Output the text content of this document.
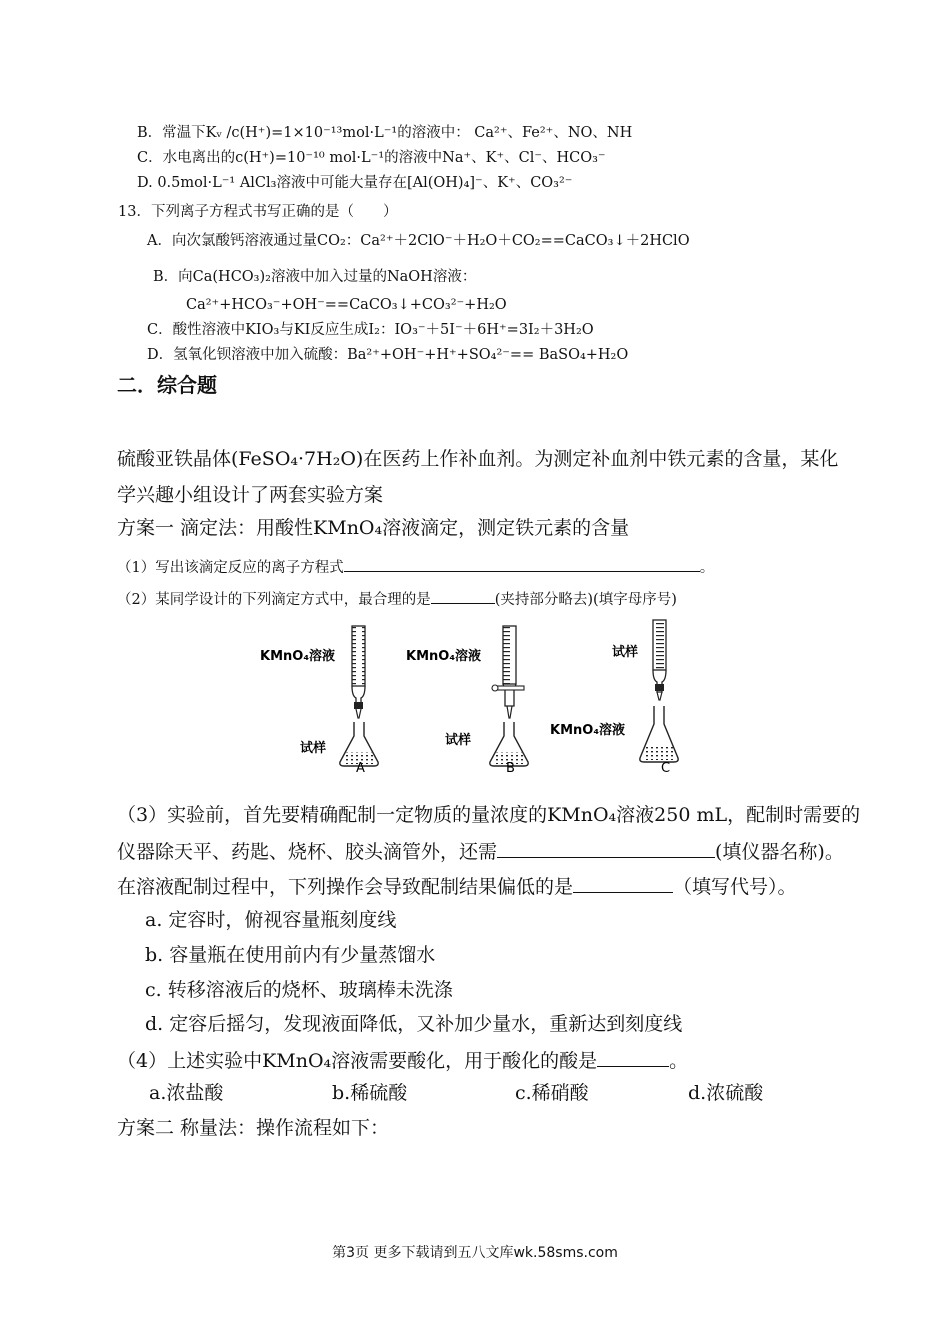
B．常温下Kᵥ /c(H⁺)=1×10⁻¹³mol·L⁻¹的溶液中： Ca²⁺、Fe²⁺、NO、NH
C．水电离出的c(H⁺)=10⁻¹⁰ mol·L⁻¹的溶液中Na⁺、K⁺、Cl⁻、HCO₃⁻
D. 0.5mol·L⁻¹ AlCl₃溶液中可能大量存在[Al(OH)₄]⁻、K⁺、CO₃²⁻
13．下列离子方程式书写正确的是（　　）
A．向次氯酸钙溶液通过量CO₂：Ca²⁺＋2ClO⁻＋H₂O＋CO₂==CaCO₃↓＋2HClO
B．向Ca(HCO₃)₂溶液中加入过量的NaOH溶液：
Ca²⁺+HCO₃⁻+OH⁻==CaCO₃↓+CO₃²⁻+H₂O
C．酸性溶液中KIO₃与KI反应生成I₂：IO₃⁻＋5I⁻＋6H⁺=3I₂＋3H₂O
D．氢氧化钡溶液中加入硫酸：Ba²⁺+OH⁻+H⁺+SO₄²⁻== BaSO₄+H₂O
二．综合题
硫酸亚铁晶体(FeSO₄·7H₂O)在医药上作补血剂。为测定补血剂中铁元素的含量，某化
学兴趣小组设计了两套实验方案
方案一 滴定法：用酸性KMnO₄溶液滴定，测定铁元素的含量
（1）写出该滴定反应的离子方程式	。
（2）某同学设计的下列滴定方式中，最合理的是	(夹持部分略去)(填字母序号)
KMnO₄溶液
试样
A
KMnO₄溶液
试样
B
试样
KMnO₄溶液
C
（3）实验前，首先要精确配制一定物质的量浓度的KMnO₄溶液250 mL，配制时需要的
仪器除天平、药匙、烧杯、胶头滴管外，还需	(填仪器名称)。
在溶液配制过程中，下列操作会导致配制结果偏低的是	（填写代号）。
a. 定容时，俯视容量瓶刻度线
b. 容量瓶在使用前内有少量蒸馏水
c. 转移溶液后的烧杯、玻璃棒未洗涤
d. 定容后摇匀，发现液面降低，又补加少量水，重新达到刻度线
（4）上述实验中KMnO₄溶液需要酸化，用于酸化的酸是	。
a.浓盐酸	b.稀硫酸	c.稀硝酸	d.浓硫酸
方案二 称量法：操作流程如下：
第3页 更多下载请到五八文库wk.58sms.com
